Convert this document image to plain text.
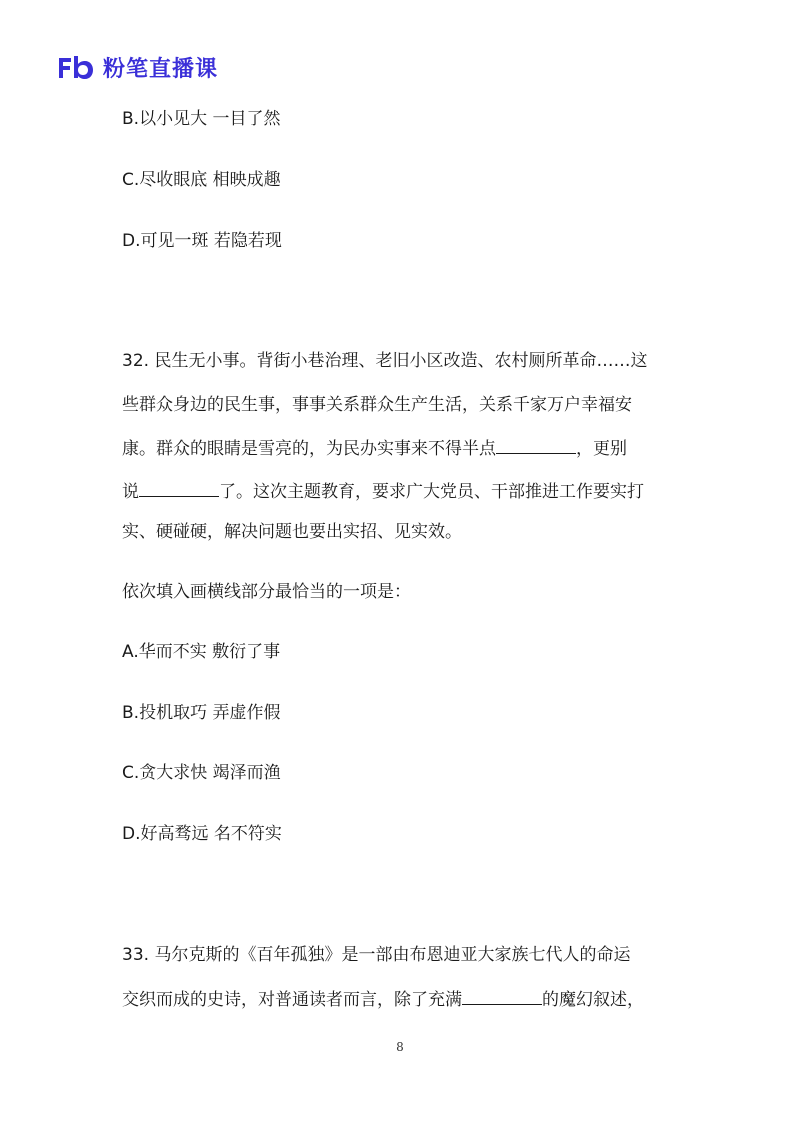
粉笔直播课
B.以小见大 一目了然
C.尽收眼底 相映成趣
D.可见一斑 若隐若现
32. 民生无小事。背街小巷治理、老旧小区改造、农村厕所革命……这
些群众身边的民生事，事事关系群众生产生活，关系千家万户幸福安
康。群众的眼睛是雪亮的，为民办实事来不得半点	，更别
说	了。这次主题教育，要求广大党员、干部推进工作要实打
实、硬碰硬，解决问题也要出实招、见实效。
依次填入画横线部分最恰当的一项是：
A.华而不实 敷衍了事
B.投机取巧 弄虚作假
C.贪大求快 竭泽而渔
D.好高骛远 名不符实
33. 马尔克斯的《百年孤独》是一部由布恩迪亚大家族七代人的命运
交织而成的史诗，对普通读者而言，除了充满	的魔幻叙述，
8
